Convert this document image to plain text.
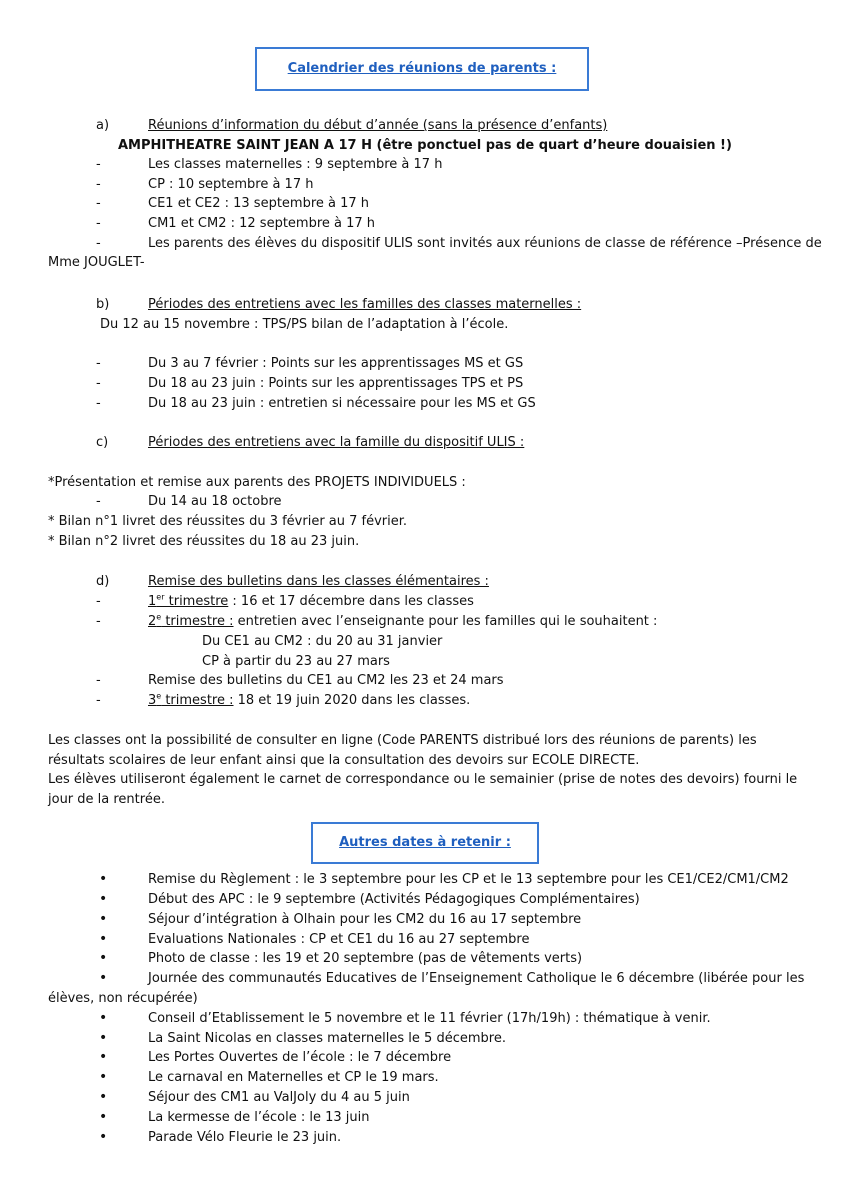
Calendrier des réunions de parents :
a)	Réunions d’information du début d’année (sans la présence d’enfants)
AMPHITHEATRE SAINT JEAN A 17 H (être ponctuel pas de quart d’heure douaisien !)
-	Les classes maternelles : 9 septembre à 17 h
-	CP : 10 septembre à 17 h
-	CE1 et CE2 : 13 septembre à 17 h
-	CM1 et CM2 : 12 septembre à 17 h
-	Les parents des élèves du dispositif ULIS sont invités aux réunions de classe de référence –Présence de
Mme JOUGLET-
b)	Périodes des entretiens avec les familles des classes maternelles :
Du 12 au 15 novembre : TPS/PS bilan de l’adaptation à l’école.
-	Du 3 au 7 février : Points sur les apprentissages MS et GS
-	Du 18 au 23 juin : Points sur les apprentissages TPS et PS
-	Du 18 au 23 juin : entretien si nécessaire pour les MS et GS
c)	Périodes des entretiens avec la famille du dispositif ULIS :
*Présentation et remise aux parents des PROJETS INDIVIDUELS :
-	Du 14 au 18 octobre
* Bilan n°1 livret des réussites du 3 février au 7 février.
* Bilan n°2 livret des réussites du 18 au 23 juin.
d)	Remise des bulletins dans les classes élémentaires :
-	1er trimestre : 16 et 17 décembre dans les classes
-	2e trimestre : entretien avec l’enseignante pour les familles qui le souhaitent :
Du CE1 au CM2 : du 20 au 31 janvier
CP à partir du 23 au 27 mars
-	Remise des bulletins du CE1 au CM2 les 23 et 24 mars
-	3e trimestre : 18 et 19 juin 2020 dans les classes.
Les classes ont la possibilité de consulter en ligne (Code PARENTS distribué lors des réunions de parents) les résultats scolaires de leur enfant ainsi que la consultation des devoirs sur ECOLE DIRECTE.
Les élèves utiliseront également le carnet de correspondance ou le semainier (prise de notes des devoirs) fourni le jour de la rentrée.
Autres dates à retenir :
•	Remise du Règlement : le 3 septembre pour les CP et le 13 septembre pour les CE1/CE2/CM1/CM2
•	Début des APC : le 9 septembre (Activités Pédagogiques Complémentaires)
•	Séjour d’intégration à Olhain pour les CM2 du 16 au 17 septembre
•	Evaluations Nationales : CP et CE1 du 16 au 27 septembre
•	Photo de classe : les 19 et 20 septembre (pas de vêtements verts)
•	Journée des communautés Educatives de l’Enseignement Catholique le 6 décembre (libérée pour les
élèves, non récupérée)
•	Conseil d’Etablissement le 5 novembre et le 11 février (17h/19h) : thématique à venir.
•	La Saint Nicolas en classes maternelles le 5 décembre.
•	Les Portes Ouvertes de l’école : le 7 décembre
•	Le carnaval en Maternelles et CP le 19 mars.
•	Séjour des CM1 au ValJoly du 4 au 5 juin
•	La kermesse de l’école : le 13 juin
•	Parade Vélo Fleurie le 23 juin.
